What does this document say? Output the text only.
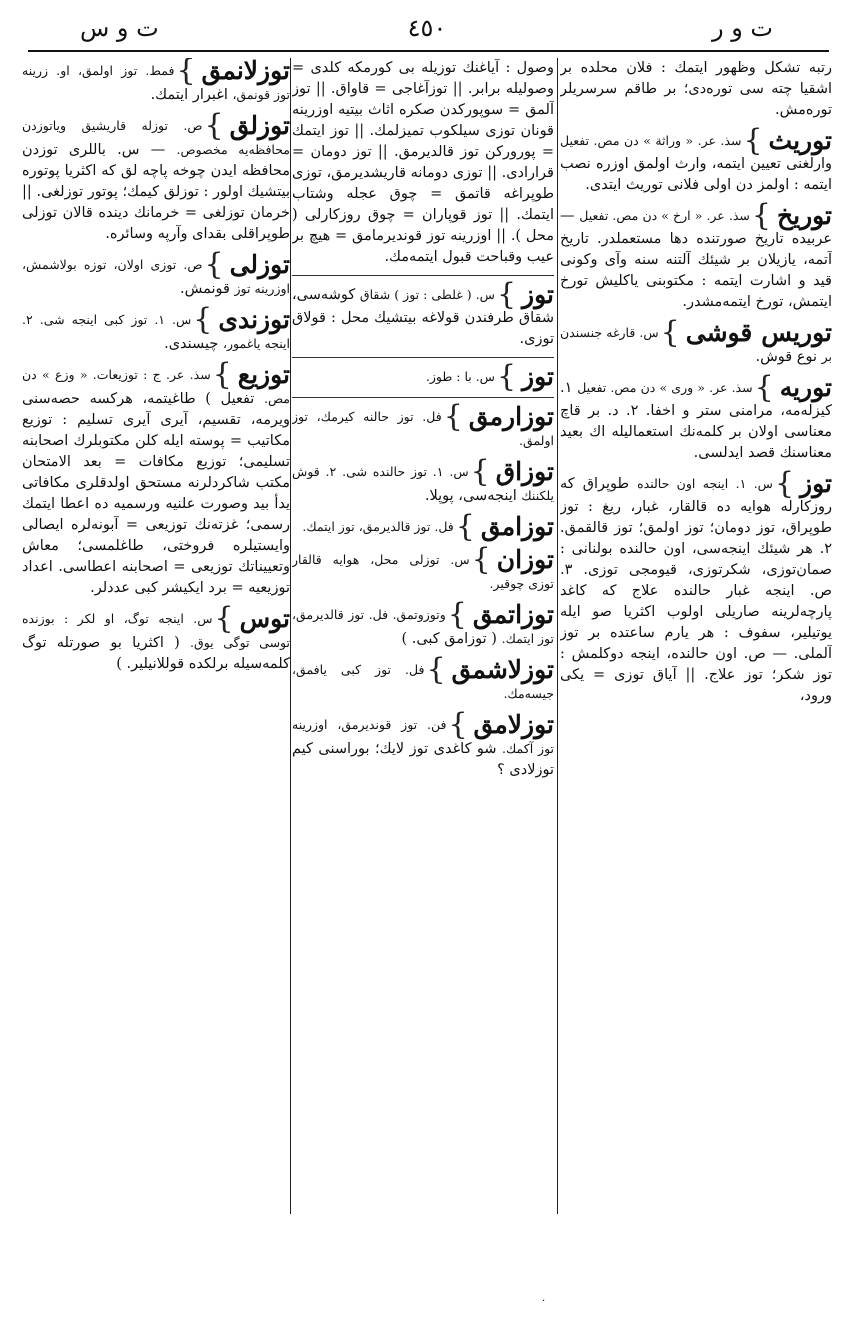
ت و ر
٤٥٠
ت و س
رتبه تشكل وظهور ايتمك : فلان محلده بر اشقيا چته سی توره‌دی؛ بر طاقم سرسريلر تورەمش.
توريث}سذ. عر. « وراثة » دن مص. تفعيل وارلغنی تعيين ايتمه، وارث اولمق اوزره نصب ايتمه : اولمز دن اولی فلانی توريث ايتدی.
توريخ}سذ. عر. « ارخ » دن مص. تفعيل — عربيده تاريخ صورتنده دها مستعملدر. تاريخ آتمه، يازيلان بر شيئك آلتنه سنه وآی وكونی قيد و اشارت ايتمه : مكتوبنی ياكليش تورخ ايتمش، تورخ ايتمه‌مشدر.
توريس قوشی}س. قارغه جنسندن بر نوع قوش.
توريه}سذ. عر. « وری » دن مص. تفعيل ١. كيزله‌مه، مرامنی ستر و اخفا. ٢. د. بر قاچ معناسی اولان بر كلمه‌نك استعمالیله اك بعيد معناسنك قصد ايدلسی.
توز}س. ١. اينجه اون حالنده طوپراق كه روزكارله هوايه ده قالقار، غبار، ريغ : توز طوپراق، توز دومان؛ توز اولمق؛ توز قالقمق. ٢. هر شيئك اينجه‌سی، اون حالنده بولنانی : صمان‌توزی، شكرتوزی، قيومجی توزی. ٣. ص. اينجه غبار حالنده علاج كه كاغد پارچه‌لرينه صاريلی اولوب اكثريا صو ايله يوتيلير، سفوف : هر يارم ساعتده بر توز آلملی. — ص. اون حالنده، اينجه دوكلمش : توز شكر؛ توز علاج. || آياق توزی = يكی ورود،
وصول : آياغنك توزيله بی كورمكه كلدی = وصوليله برابر. || توزآغاجی = قاواق. || توز آلمق = سوپوركدن صكره اثاث بيتيه اوزرينه قونان توزی سيلكوب تميزلمك. || توز ايتمك = پوروركن توز قالديرمق. || توز دومان = قرارادی. || توزی دومانه قاريشديرمق، توزی طوپراغه قاتمق = چوق عجله وشتاب ايتمك. || توز قوپاران = چوق روزكارلی ( محل ). || اوزرينه توز قونديرمامق = هيچ بر عيب وقباحت قبول ايتمه‌مك.
توز}س. ( غلطی : توز ) شقاق كوشه‌سی، شقاق طرفندن قولاغه بيتشيك محل : قولاق توزی.
توز}س. با : طوز.
توزارمق}فل. توز حالنه كيرمك، توز اولمق.
توزاق}س. ١. توز حالنده شی. ٢. قوش يلكننك اينجه‌سی، پوپلا.
توزامق}فل. توز قالديرمق، توز ايتمك.
توزان}س. توزلی محل، هوايه قالقار توزی چوقير.
توزاتمق}وتوزوتمق. فل. توز قالديرمق، توز ايتمك. ( توزامق كبی. )
توزلاشمق}فل. توز كبی يافمق، جيسه‌مك.
توزلامق}فن. توز قونديرمق، اوزرينه توز آكمك. شو كاغدی توز لايك؛ بوراسنی كيم توزلادی ؟
توزلانمق}فمط. توز اولمق، او. زرينه توز قونمق، اغبرار ايتمك.
توزلق}ص. توزله قاريشيق وياتوزدن محافظه‌يه مخصوص. — س. باللری توزدن محافظه ايدن چوخه پاچه لق كه اكثريا پوتوره بيتشيك اولور : توزلق كيمك؛ پوتور توزلغی. || خرمان توزلغی = خرمانك دينده قالان توزلی طوپراقلی بقدای وآرپه وسائره.
توزلی}ص. توزی اولان، توزه بولاشمش، اوزرينه توز قونمش.
توزندی}س. ١. توز كبی اينجه شی. ٢. اينجه ياغمور، چيسندی.
توزيع}سذ. عر. ج : توزيعات. « وزع » دن مص. تفعيل ) طاغيتمه، هركسه حصه‌سنی ويرمه، تقسيم، آيری آيری تسليم : توزيع مكاتيب = پوسته ايله كلن مكتوبلرك اصحابنه تسليمی؛ توزيع مكافات = بعد الامتحان مكتب شاكردلرنه مستحق اولدقلری مكافاتی يدأ بيد وصورت علنيه ورسميه ده اعطا ايتمك رسمی؛ غزته‌نك توزيعی = آبونه‌لره ايصالی وايستيلره فروختی، طاغلمسی؛ معاش وتعييناتك توزيعی = اصحابنه اعطاسی. اعداد توزيعيه = برد ايكيشر كبی عددلر.
توس}س. اينجه توگ، او لكر : بوزنده توسی توگی يوق. ( اكثريا بو صورتله توگ كلمه‌سيله برلكده قوللانيلير. )
·
